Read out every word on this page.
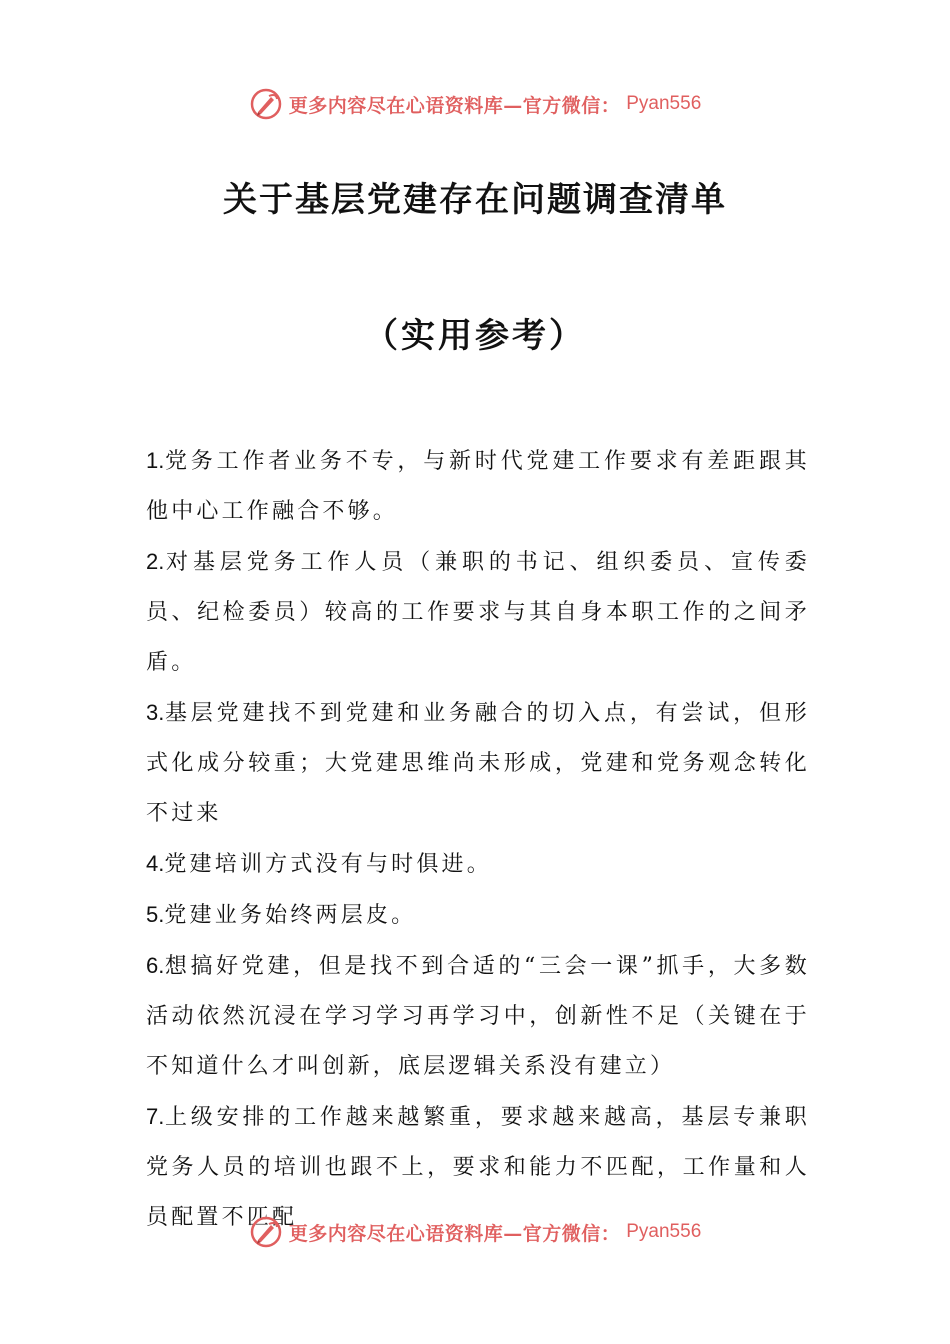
更多内容尽在心语资料库—官方微信： Pyan556
关于基层党建存在问题调查清单
（实用参考）

1.党务工作者业务不专，与新时代党建工作要求有差距跟其他中心工作融合不够。

2.对基层党务工作人员（兼职的书记、组织委员、宣传委员、纪检委员）较高的工作要求与其自身本职工作的之间矛盾。

3.基层党建找不到党建和业务融合的切入点，有尝试，但形式化成分较重；大党建思维尚未形成，党建和党务观念转化不过来

4.党建培训方式没有与时俱进。

5.党建业务始终两层皮。

6.想搞好党建，但是找不到合适的“三会一课”抓手，大多数活动依然沉浸在学习学习再学习中，创新性不足（关键在于不知道什么才叫创新，底层逻辑关系没有建立）

7.上级安排的工作越来越繁重，要求越来越高，基层专兼职党务人员的培训也跟不上，要求和能力不匹配，工作量和人员配置不匹配

更多内容尽在心语资料库—官方微信： Pyan556
